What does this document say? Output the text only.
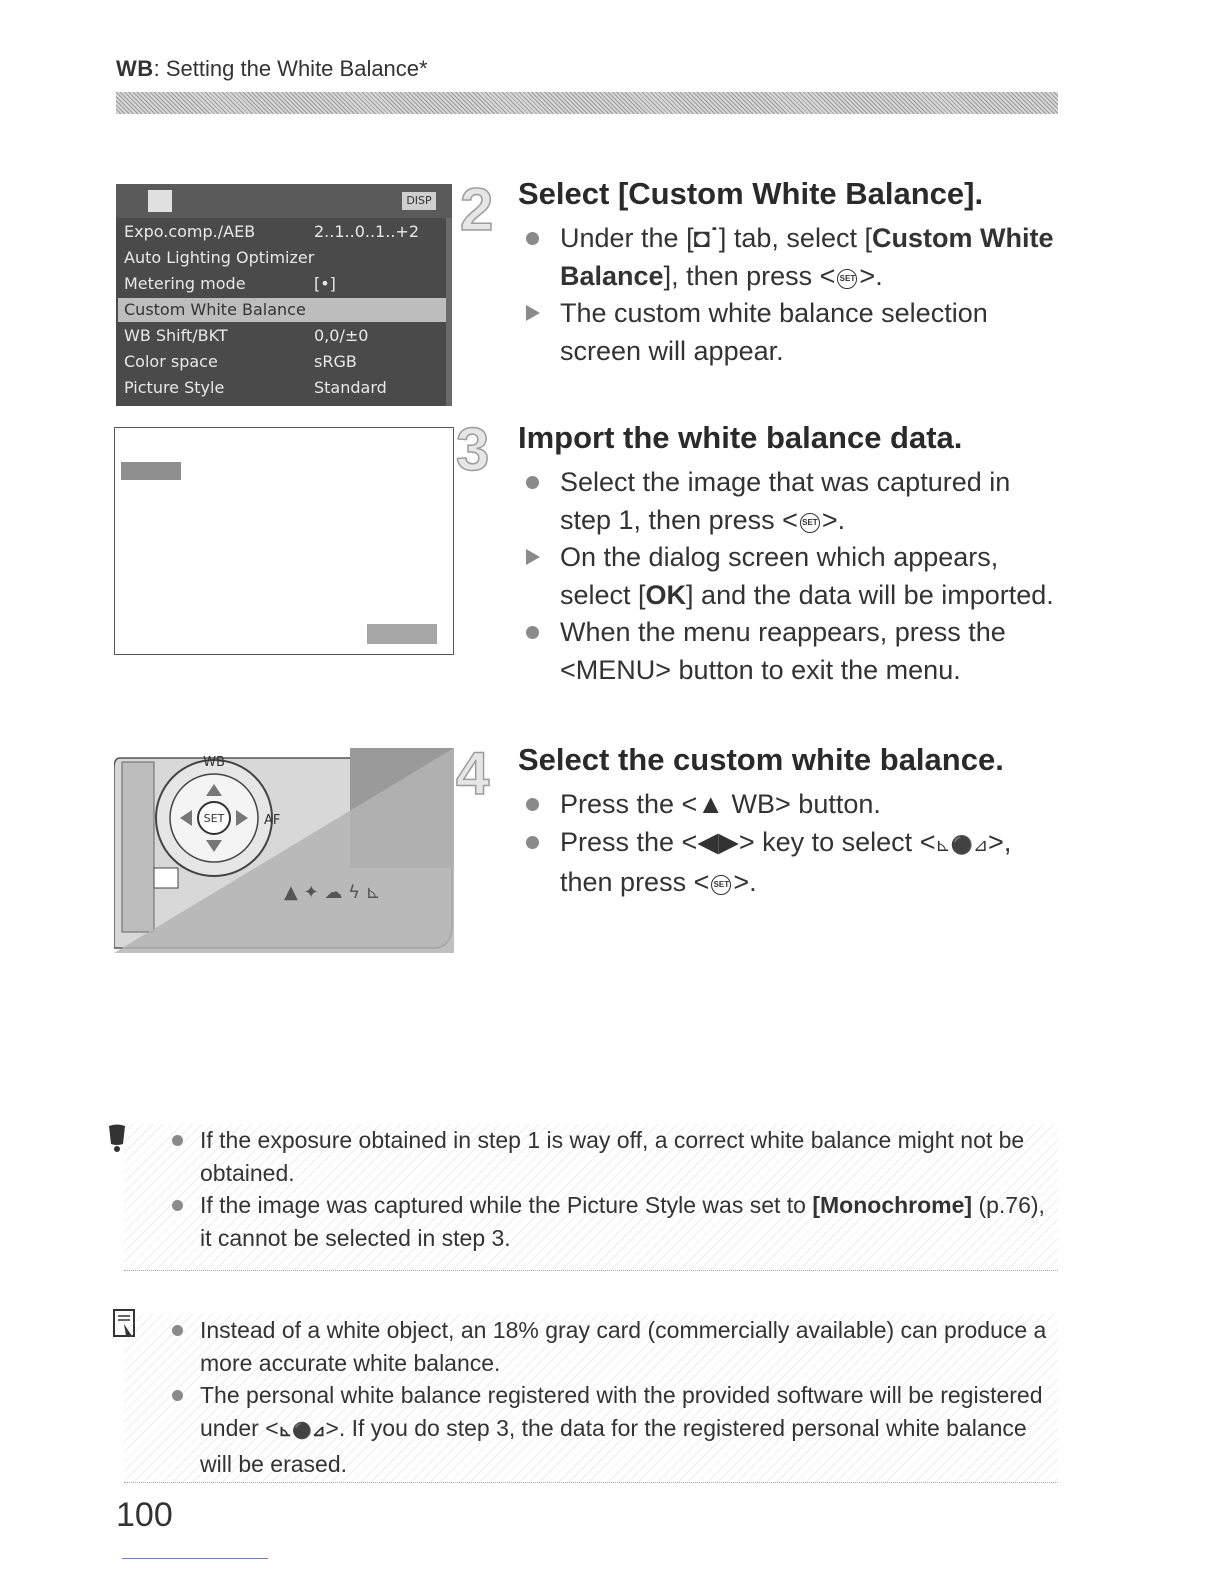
WB: Setting the White Balance*
DISP
Expo.comp./AEB	2..1..0..1..+2
Auto Lighting Optimizer
Metering mode	[•]
Custom White Balance
WB Shift/BKT	0,0/±0
Color space	sRGB
Picture Style	Standard
SET
WB
AF
▲ ✦ ☁ ϟ ⊾
2
3
4
Select [Custom White Balance].
Under the [◘˙] tab, select [Custom White Balance], then press < SET >.
The custom white balance selection screen will appear.
Import the white balance data.
Select the image that was captured in step 1, then press < SET >.
On the dialog screen which appears, select [OK] and the data will be imported.
When the menu reappears, press the <MENU> button to exit the menu.
Select the custom white balance.
Press the <▲ WB> button.
Press the <◀▶> key to select <⊾⚫⊿>,
then press < SET >.
If the exposure obtained in step 1 is way off, a correct white balance might not be obtained.
If the image was captured while the Picture Style was set to [Monochrome] (p.76), it cannot be selected in step 3.
Instead of a white object, an 18% gray card (commercially available) can produce a more accurate white balance.
The personal white balance registered with the provided software will be registered under <⊾⚫⊿>. If you do step 3, the data for the registered personal white balance will be erased.
100
